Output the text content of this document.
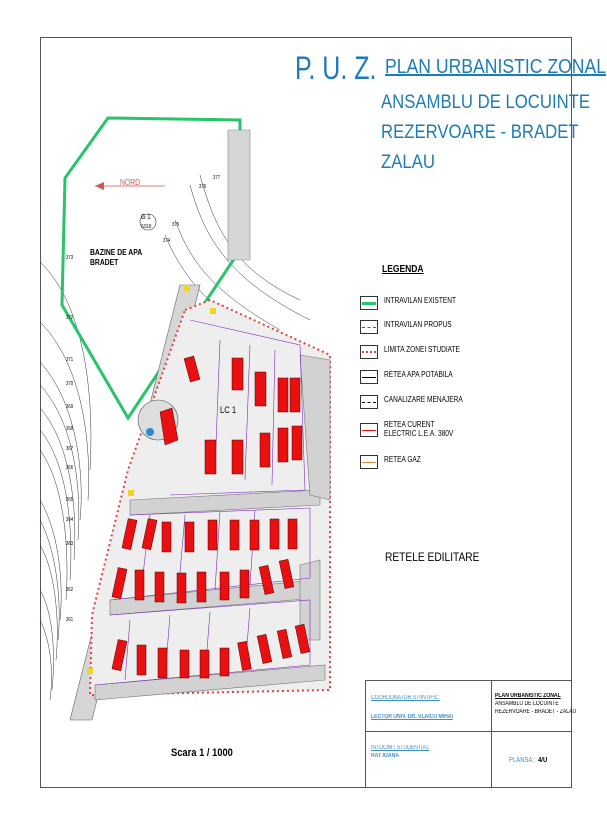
NORD
G 1
SS18
BAZINE DE APA
BRADET
LC 1
373
372
371
370
369
368
367
366
365
364
363
362
361
377
376
375
374
P. U. Z. PLAN URBANISTIC ZONAL
ANSAMBLU DE LOCUINTE
REZERVOARE - BRADET
ZALAU
LEGENDA
INTRAVILAN EXISTENT
INTRAVILAN PROPUS
LIMITA ZONEI STUDIATE
RETEA APA POTABILA
CANALIZARE MENAJERA
RETEA CURENT
ELECTRIC L.E.A. 380V
RETEA GAZ
RETELE EDILITARE
Scara 1 / 1000
COORDONATOR STIINTIFIC:
LECTOR UNIV. DR. VLAICU MIHAI
PLAN URBANISTIC ZONAL
ANSAMBLU DE LOCUINTE
REZERVOARE - BRADET - ZALAU
INTOCMIT STUDENT(A):
RAT IOANA
PLANSA : 4/U
